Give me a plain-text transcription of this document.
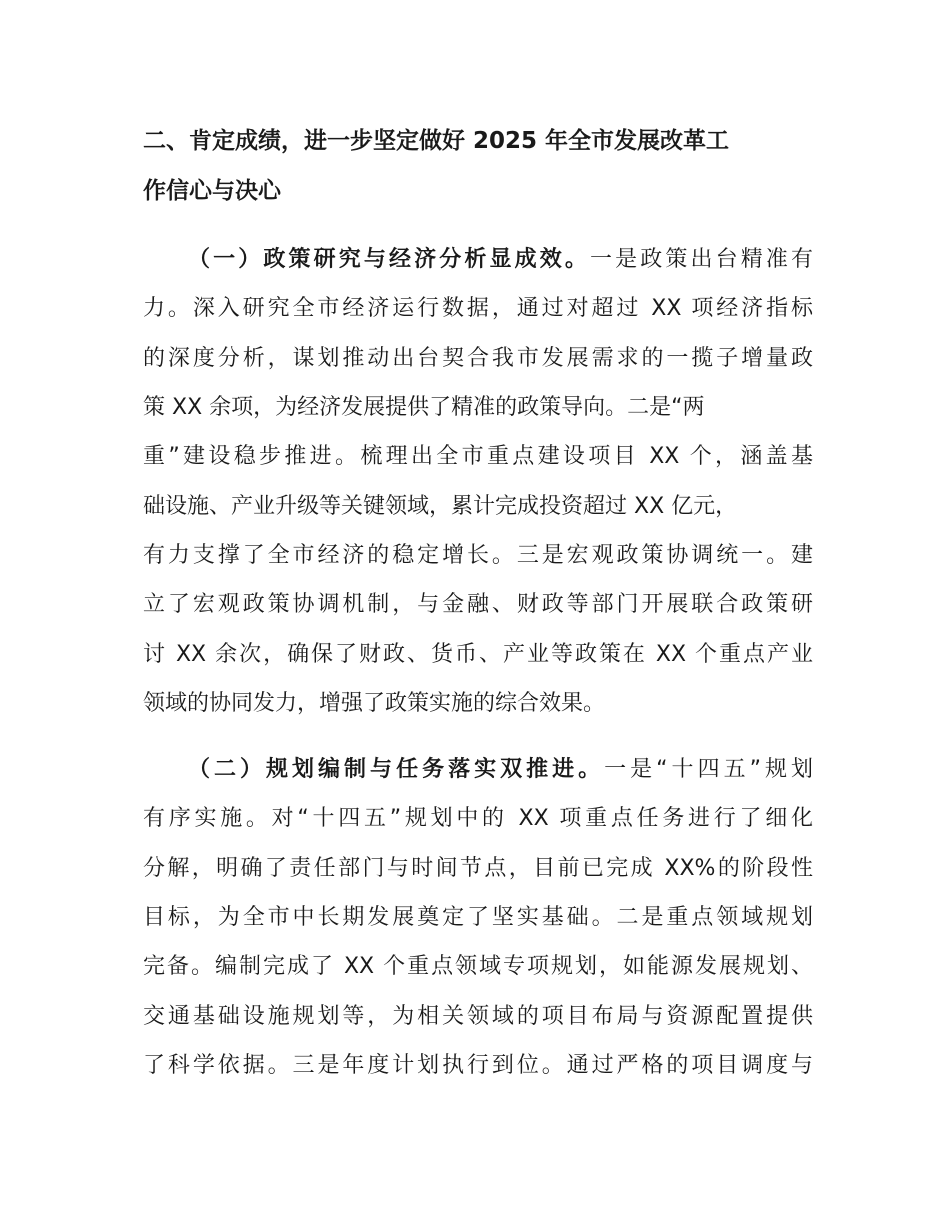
二、肯定成绩，进一步坚定做好 2025 年全市发展改革工
作信心与决心
（一）政策研究与经济分析显成效。一是政策出台精准有
力。深入研究全市经济运行数据，通过对超过 XX 项经济指标
的深度分析，谋划推动出台契合我市发展需求的一揽子增量政
策 XX 余项，为经济发展提供了精准的政策导向。二是“两
重”建设稳步推进。梳理出全市重点建设项目 XX 个，涵盖基
础设施、产业升级等关键领域，累计完成投资超过 XX 亿元，
有力支撑了全市经济的稳定增长。三是宏观政策协调统一。建
立了宏观政策协调机制，与金融、财政等部门开展联合政策研
讨 XX 余次，确保了财政、货币、产业等政策在 XX 个重点产业
领域的协同发力，增强了政策实施的综合效果。
（二）规划编制与任务落实双推进。一是“十四五”规划
有序实施。对“十四五”规划中的 XX 项重点任务进行了细化
分解，明确了责任部门与时间节点，目前已完成 XX%的阶段性
目标，为全市中长期发展奠定了坚实基础。二是重点领域规划
完备。编制完成了 XX 个重点领域专项规划，如能源发展规划、
交通基础设施规划等，为相关领域的项目布局与资源配置提供
了科学依据。三是年度计划执行到位。通过严格的项目调度与
